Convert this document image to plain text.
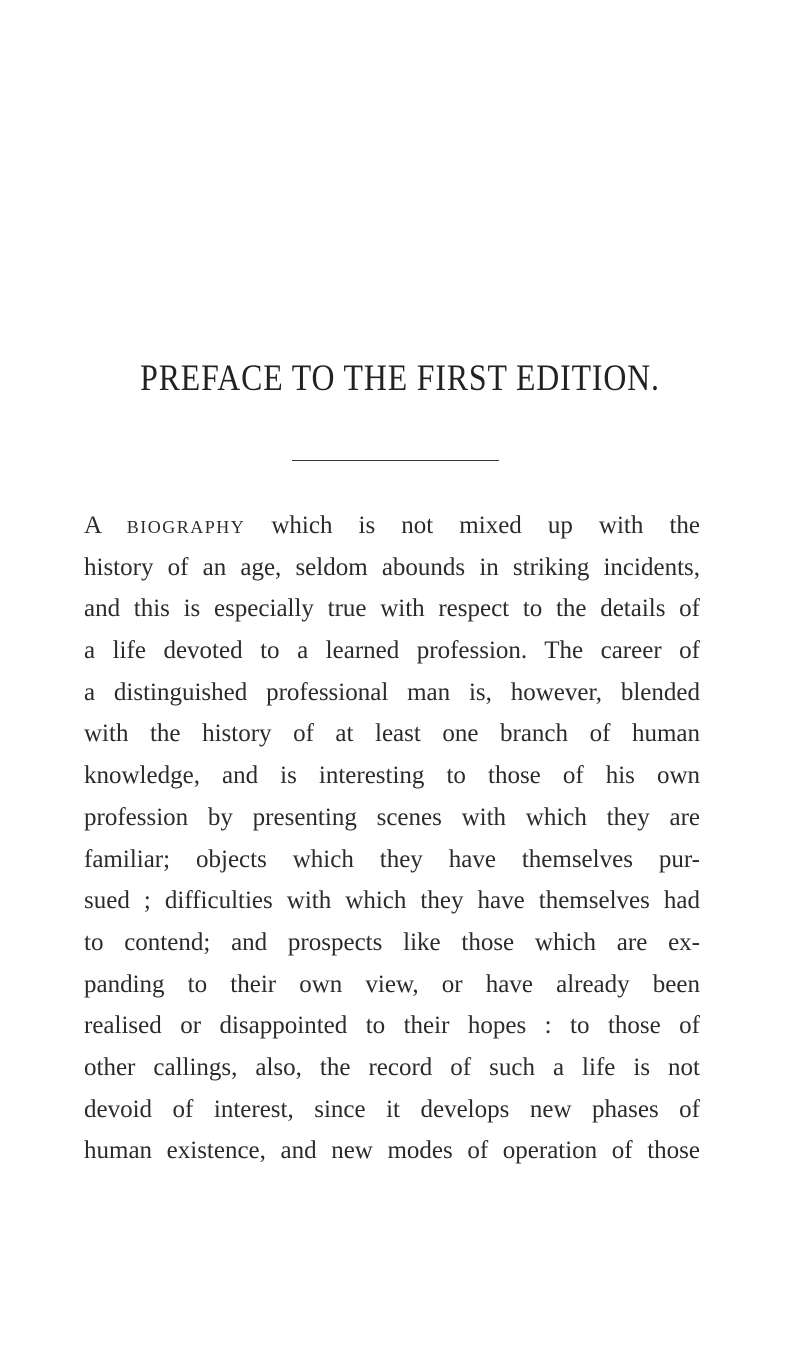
PREFACE TO THE FIRST EDITION.
A BIOGRAPHY which is not mixed up with the
history of an age, seldom abounds in striking incidents,
and this is especially true with respect to the details of
a life devoted to a learned profession. The career of
a distinguished professional man is, however, blended
with the history of at least one branch of human
knowledge, and is interesting to those of his own
profession by presenting scenes with which they are
familiar; objects which they have themselves pur-
sued ; difficulties with which they have themselves had
to contend; and prospects like those which are ex-
panding to their own view, or have already been
realised or disappointed to their hopes : to those of
other callings, also, the record of such a life is not
devoid of interest, since it develops new phases of
human existence, and new modes of operation of those
